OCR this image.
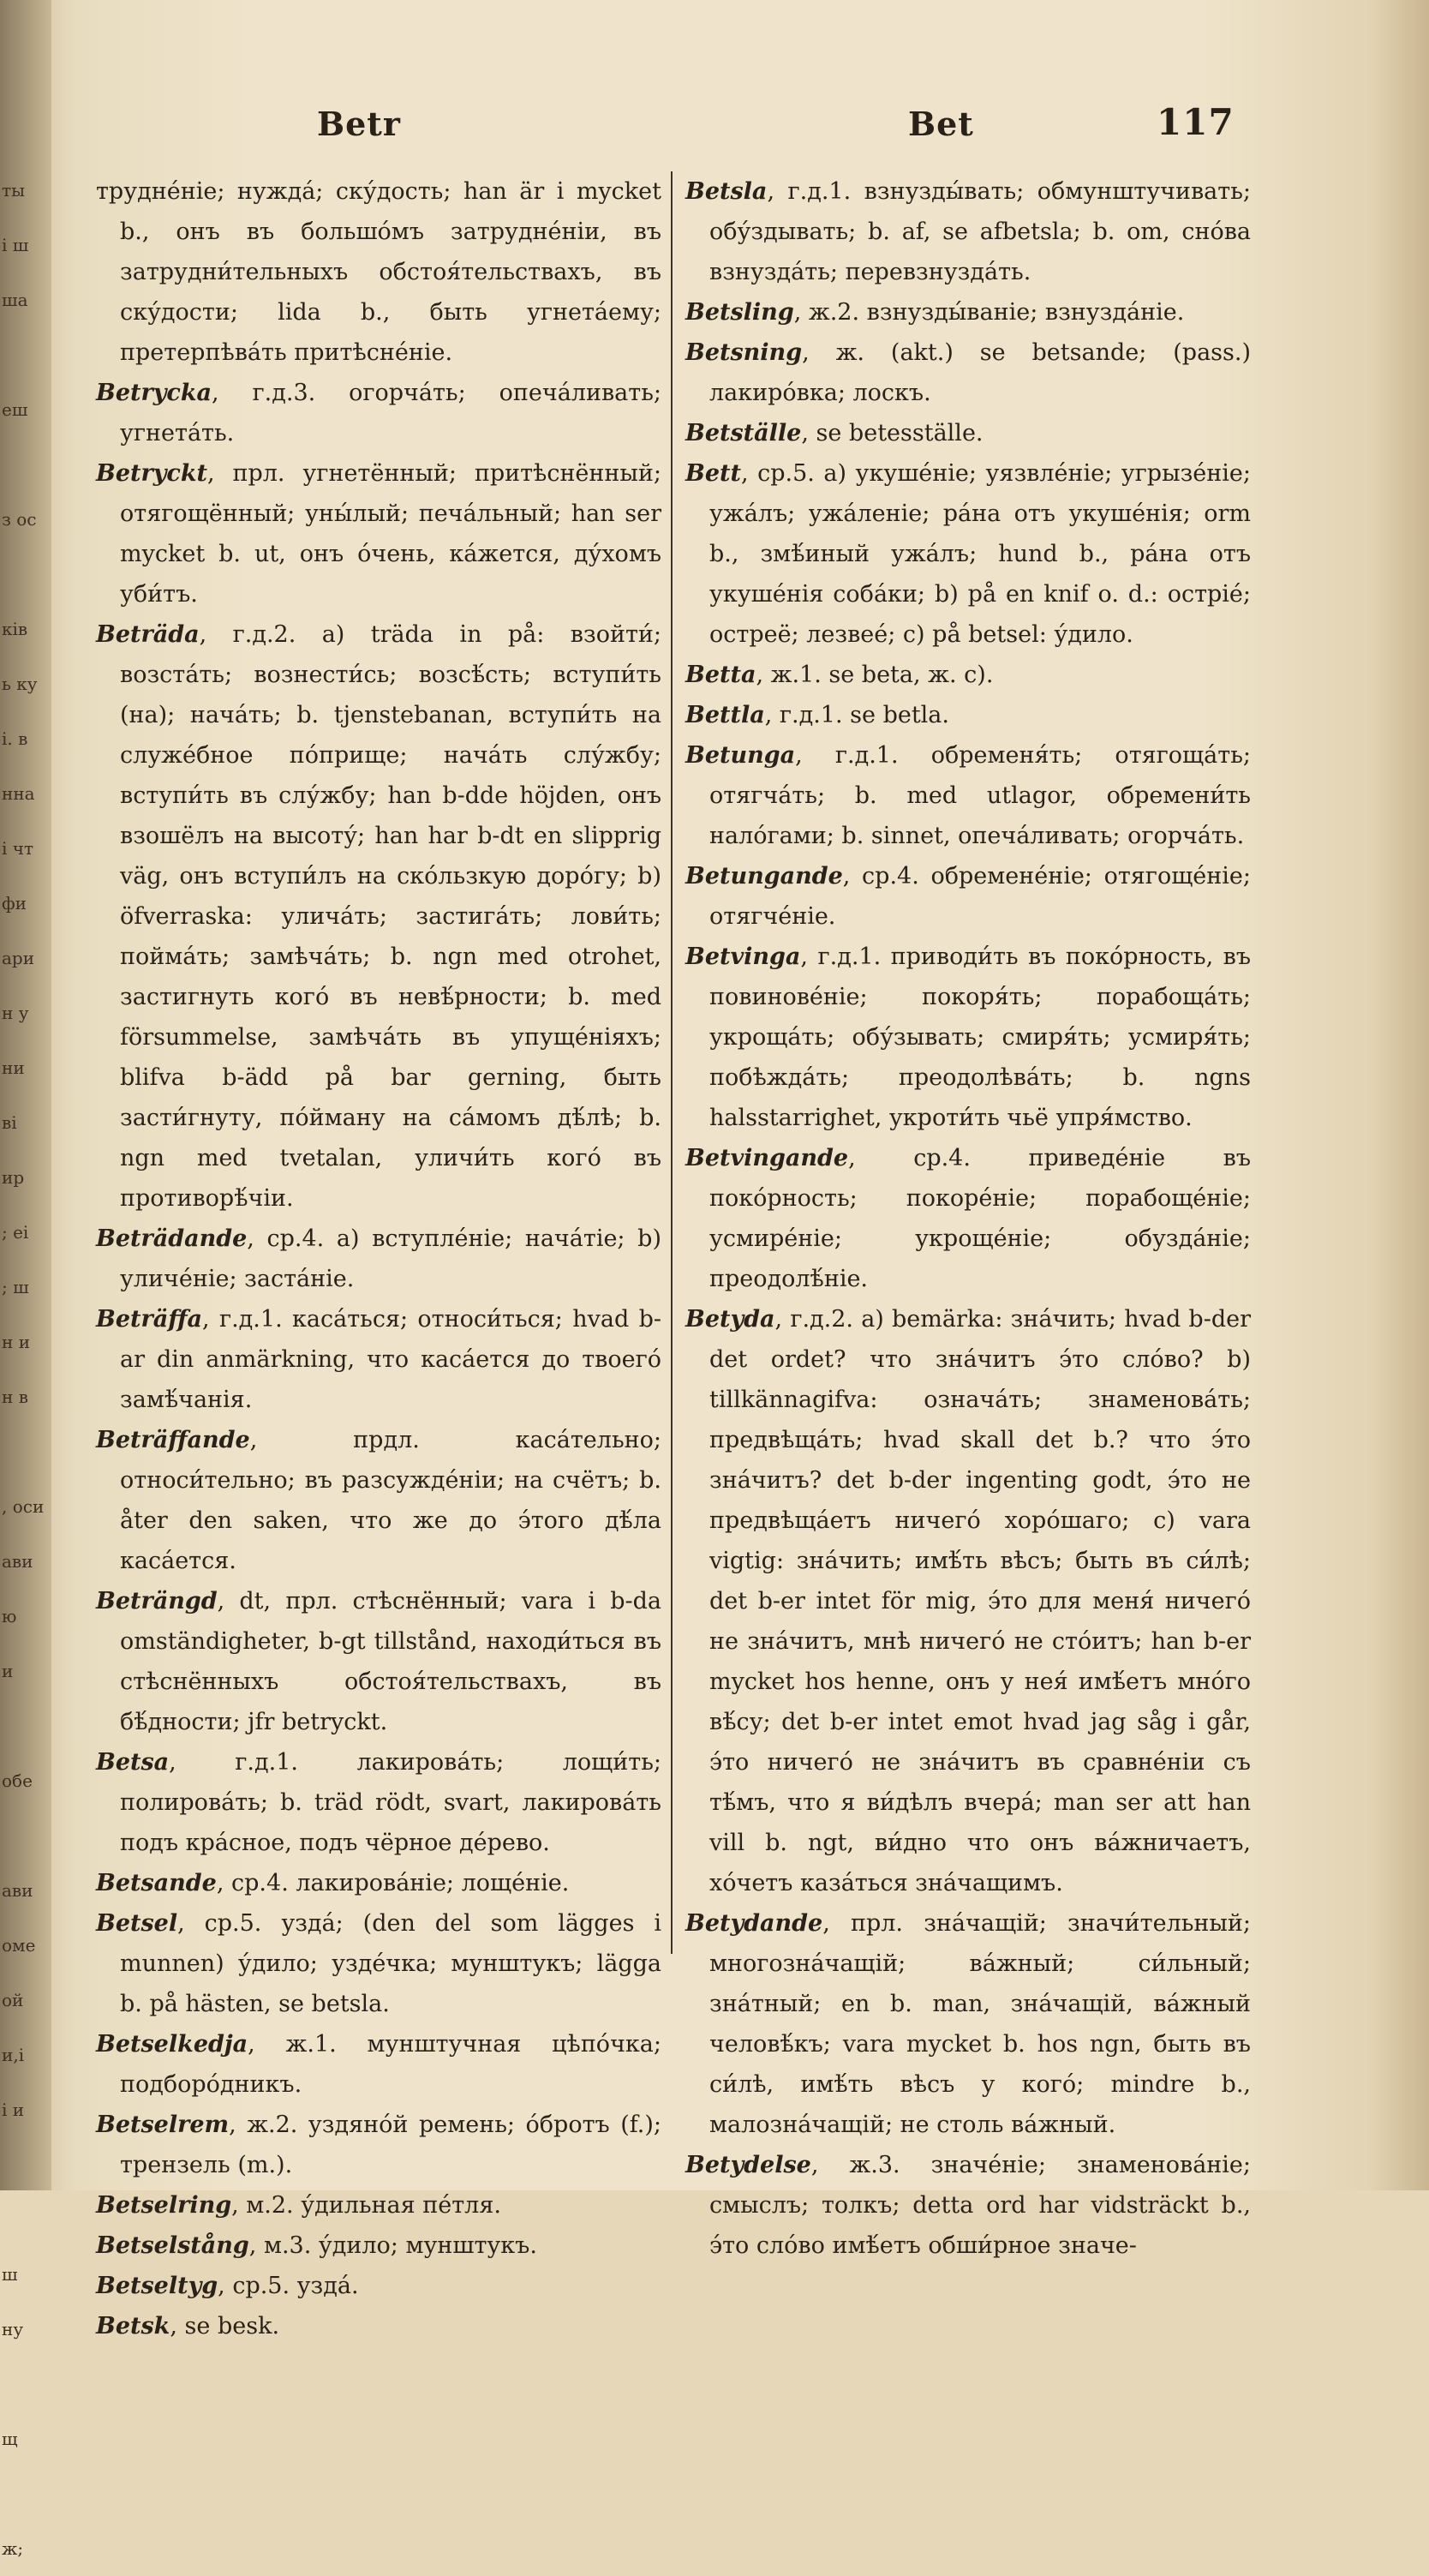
ты
і ш
ша
еш
з ос
ків
ь ку
і. в
нна
і чт
фи
ари
н у
ни
ві
ир
; еі
; ш
н и
н в
, оси
ави
ю
и
обе
ави
оме
ой
и,і
і и
ш
ну
щ
ж;
Betr	Bet	117

трудне́ніе; нужда́; ску́дость; han är i mycket b., онъ въ большо́мъ затрудне́ніи, въ затрудни́тельныхъ обстоя́тельствахъ, въ ску́дости; lida b., быть угнета́ему; претерпѣва́ть притѣсне́ніе.

Betrycka, г.д.3. огорча́ть; опеча́ливать; угнета́ть.

Betryckt, прл. угнетённый; притѣснённый; отягощённый; уны́лый; печа́льный; han ser mycket b. ut, онъ о́чень, ка́жется, ду́хомъ уби́тъ.

Beträda, г.д.2. а) träda in på: взойти́; возста́ть; вознести́сь; возсѣ́сть; вступи́ть (на); нача́ть; b. tjenstebanan, вступи́ть на служе́бное по́прище; нача́ть слу́жбу; вступи́ть въ слу́жбу; han b-dde höjden, онъ взошёлъ на высоту́; han har b-dt en slipprig väg, онъ вступи́лъ на ско́льзкую доро́гу; b) öfverraska: улича́ть; застига́ть; лови́ть; пойма́ть; замѣча́ть; b. ngn med otrohet, застигнуть кого́ въ невѣ́рности; b. med försummelse, замѣча́ть въ упуще́ніяхъ; blifva b-ädd på bar gerning, быть засти́гнуту, по́йману на са́момъ дѣ́лѣ; b. ngn med tvetalan, уличи́ть кого́ въ противорѣ́чіи.

Beträdande, ср.4. а) вступле́ніе; нача́тіе; b) уличе́ніе; заста́ніе.

Beträffa, г.д.1. каса́ться; относи́ться; hvad b-ar din anmärkning, что каса́ется до твоего́ замѣ́чанія.

Beträffande, прдл. каса́тельно; относи́тельно; въ разсужде́ніи; на счётъ; b. åter den saken, что же до э́того дѣ́ла каса́ется.

Beträngd, dt, прл. стѣснённый; vara i b-da omständigheter, b-gt tillstånd, находи́ться въ стѣснённыхъ обстоя́тельствахъ, въ бѣ́дности; jfr betryckt.

Betsa, г.д.1. лакирова́ть; лощи́ть; полирова́ть; b. träd rödt, svart, лакирова́ть подъ кра́сное, подъ чёрное де́рево.

Betsande, ср.4. лакирова́ніе; лоще́ніе.

Betsel, ср.5. узда́; (den del som lägges i munnen) у́дило; узде́чка; мунштукъ; lägga b. på hästen, se betsla.

Betselkedja, ж.1. мунштучная цѣпо́чка; подборо́дникъ.

Betselrem, ж.2. уздяно́й ремень; о́бротъ (f.); трензель (m.).

Betselring, м.2. у́дильная пе́тля.

Betselstång, м.3. у́дило; мунштукъ.

Betseltyg, ср.5. узда́.

Betsk, se besk.

Betsla, г.д.1. взнузды́вать; обмунштучивать; обу́здывать; b. af, se afbetsla; b. om, сно́ва взнузда́ть; перевзнузда́ть.

Betsling, ж.2. взнузды́ваніе; взнузда́ніе.

Betsning, ж. (akt.) se betsande; (pass.) лакиро́вка; лоскъ.

Betställe, se betesställe.

Bett, ср.5. а) укуше́ніе; уязвле́ніе; угрызе́ніе; ужа́лъ; ужа́леніе; ра́на отъ укуше́нія; orm b., змѣ́иный ужа́лъ; hund b., ра́на отъ укуше́нія соба́ки; b) på en knif o. d.: остріе́; остреё; лезвее́; c) på betsel: у́дило.

Betta, ж.1. se beta, ж. c).

Bettla, г.д.1. se betla.

Betunga, г.д.1. обременя́ть; отягоща́ть; отягча́ть; b. med utlagor, обремени́ть нало́гами; b. sinnet, опеча́ливать; огорча́ть.

Betungande, ср.4. обремене́ніе; отягоще́ніе; отягче́ніе.

Betvinga, г.д.1. приводи́ть въ поко́рность, въ повинове́ніе; покоря́ть; порабоща́ть; укроща́ть; обу́зывать; смиря́ть; усмиря́ть; побѣжда́ть; преодолѣва́ть; b. ngns halsstarrighet, укроти́ть чьё упря́мство.

Betvingande, ср.4. приведе́ніе въ поко́рность; покоре́ніе; порабоще́ніе; усмире́ніе; укроще́ніе; обузда́ніе; преодолѣ́ніе.

Betyda, г.д.2. а) bemärka: зна́чить; hvad b-der det ordet? что зна́читъ э́то сло́во? b) tillkännagifva: означа́ть; знаменова́ть; предвѣща́ть; hvad skall det b.? что э́то зна́читъ? det b-der ingenting godt, э́то не предвѣща́етъ ничего́ хоро́шаго; c) vara vigtig: зна́чить; имѣ́ть вѣсъ; быть въ си́лѣ; det b-er intet för mig, э́то для меня́ ничего́ не зна́читъ, мнѣ ничего́ не сто́итъ; han b-er mycket hos henne, онъ у нея́ имѣ́етъ мно́го вѣ́су; det b-er intet emot hvad jag såg i går, э́то ничего́ не зна́читъ въ сравне́ніи съ тѣ́мъ, что я ви́дѣлъ вчера́; man ser att han vill b. ngt, ви́дно что онъ ва́жничаетъ, хо́четъ каза́ться зна́чащимъ.

Betydande, прл. зна́чащій; значи́тельный; многозна́чащій; ва́жный; си́льный; зна́тный; en b. man, зна́чащій, ва́жный человѣ́къ; vara mycket b. hos ngn, быть въ си́лѣ, имѣ́ть вѣсъ у кого́; mindre b., малозна́чащій; не столь ва́жный.

Betydelse, ж.3. значе́ніе; знаменова́ніе; смыслъ; толкъ; detta ord har vidsträckt b., э́то сло́во имѣ́етъ обши́рное значе-
